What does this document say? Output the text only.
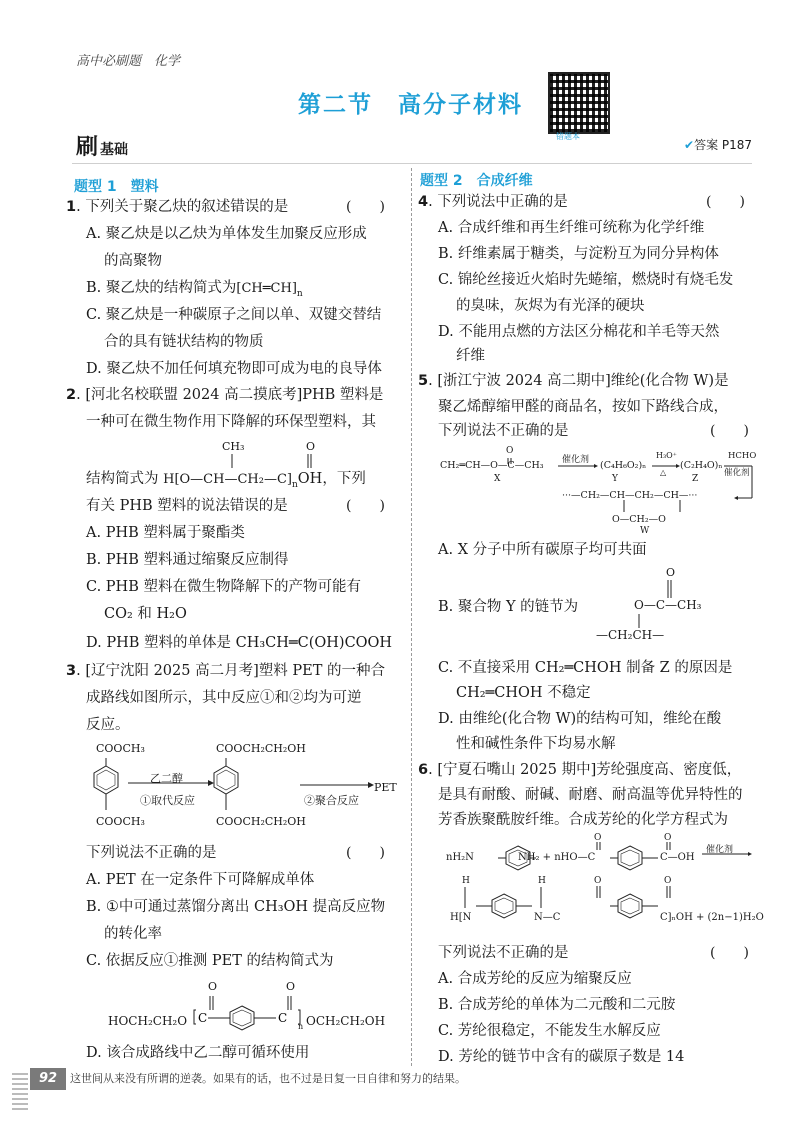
高中必刷题　 化学
第二节　高分子材料
错题本
刷基础	✔答案 P187
题型 1　塑料
1. 下列关于聚乙炔的叙述错误的是	(　　)
A. 聚乙炔是以乙炔为单体发生加聚反应形成
的高聚物
B. 聚乙炔的结构简式为$[CH═CH]_n$
C. 聚乙炔是一种碳原子之间以单、双键交替结
合的具有链状结构的物质
D. 聚乙炔不加任何填充物即可成为电的良导体
2. [河北名校联盟 2024 高二摸底考]PHB 塑料是
一种可在微生物作用下降解的环保型塑料，其
CH₃	O
结构简式为 $H[O—CH—CH_2—C]_nOH$，下列
有关 PHB 塑料的说法错误的是	(　　)
A. PHB 塑料属于聚酯类
B. PHB 塑料通过缩聚反应制得
C. PHB 塑料在微生物降解下的产物可能有
CO₂ 和 H₂O
D. PHB 塑料的单体是 CH₃CH═C(OH)COOH
3. [辽宁沈阳 2025 高二月考]塑料 PET 的一种合
成路线如图所示，其中反应①和②均为可逆
反应。
COOCH₃
COOCH₃
COOCH₂CH₂OH
COOCH₂CH₂OH
乙二醇
①取代反应	②聚合反应
PET
下列说法不正确的是	(　　)
A. PET 在一定条件下可降解成单体
B. ①中可通过蒸馏分离出 CH₃OH 提高反应物
的转化率
C. 依据反应①推测 PET 的结构简式为
O	O
HOCH₂CH₂O	OCH₂CH₂OH
n
C	C
D. 该合成路线中乙二醇可循环使用
题型 2　合成纤维
4. 下列说法中正确的是	(　　)
A. 合成纤维和再生纤维可统称为化学纤维
B. 纤维素属于糖类，与淀粉互为同分异构体
C. 锦纶丝接近火焰时先蜷缩，燃烧时有烧毛发
的臭味，灰烬为有光泽的硬块
D. 不能用点燃的方法区分棉花和羊毛等天然
纤维
5. [浙江宁波 2024 高二期中]维纶(化合物 W)是
聚乙烯醇缩甲醛的商品名，按如下路线合成，
下列说法不正确的是	(　　)
O
CH₂═CH—O—C—CH₃
X
催化剂 (C₄H₆O₂)ₙ
Y
H₃O⁺
△
(C₂H₄O)ₙ
Z
HCHO
催化剂
···—CH₂—CH—CH₂—CH—···
O—CH₂—O
W
A. X 分子中所有碳原子均可共面
O
B. 聚合物 Y 的链节为	O—C—CH₃
—CH₂CH—
C. 不直接采用 CH₂═CHOH 制备 Z 的原因是
CH₂═CHOH 不稳定
D. 由维纶(化合物 W)的结构可知，维纶在酸
性和碱性条件下均易水解
6. [宁夏石嘴山 2025 期中]芳纶强度高、密度低，
是具有耐酸、耐碱、耐磨、耐高温等优异特性的
芳香族聚酰胺纤维。合成芳纶的化学方程式为
O	O
nH₂N	NH₂ + nHO—C	C—OH
催化剂
H	H	O	O
H[N	N—C	C]ₙOH + (2n−1)H₂O
下列说法不正确的是	(　　)
A. 合成芳纶的反应为缩聚反应
B. 合成芳纶的单体为二元酸和二元胺
C. 芳纶很稳定，不能发生水解反应
D. 芳纶的链节中含有的碳原子数是 14
92	这世间从来没有所谓的逆袭。如果有的话，也不过是日复一日自律和努力的结果。
